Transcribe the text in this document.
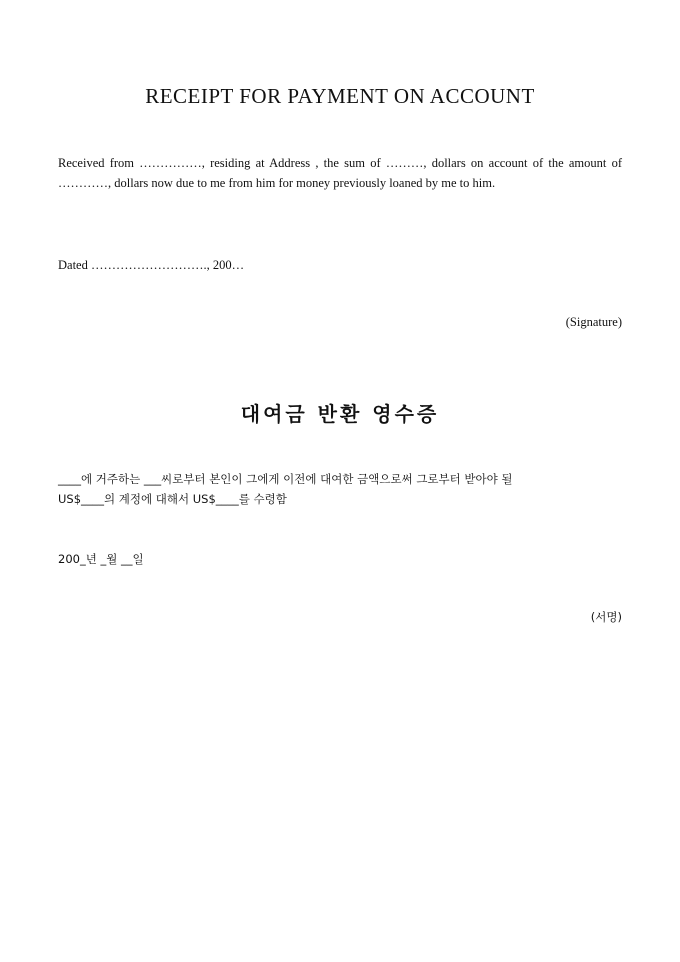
RECEIPT FOR PAYMENT ON ACCOUNT
Received from ……………, residing at Address , the sum of ………, dollars on account of the amount of …………, dollars now due to me from him for money previously loaned by me to him.
Dated ………………………., 200…
(Signature)
대여금 반환 영수증
____에 거주하는 ___씨로부터 본인이 그에게 이전에 대여한 금액으로써 그로부터 받아야 될
US$____의 계정에 대해서 US$____를 수령함
200_년 _월 __일
(서명)
